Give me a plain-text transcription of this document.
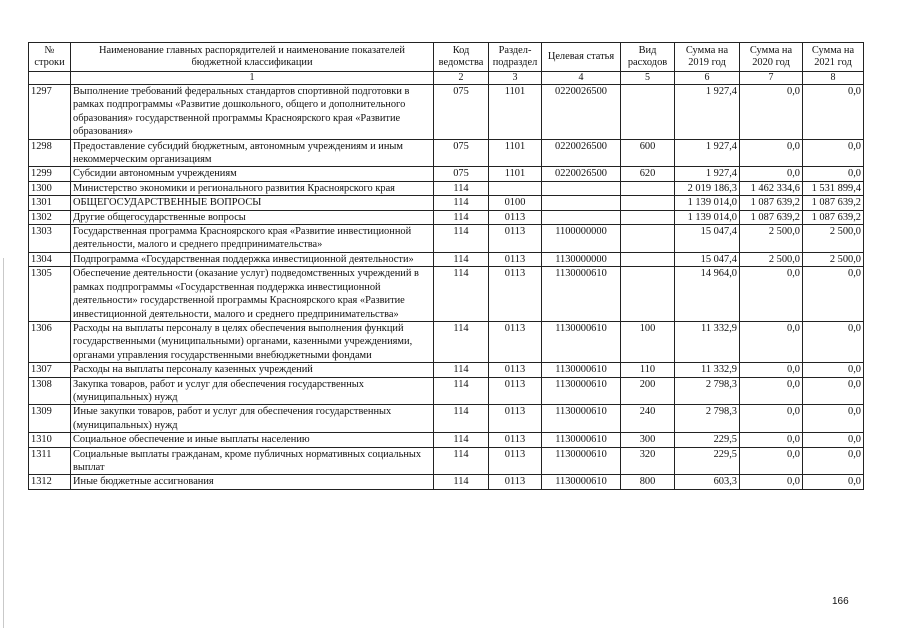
№ строки	Наименование главных распорядителей и наименование показателей бюджетной классификации	Код ведомства	Раздел-подраздел	Целевая статья	Вид расходов	Сумма на 2019 год	Сумма на 2020 год	Сумма на 2021 год
	1	2	3	4	5	6	7	8
1297	Выполнение требований федеральных стандартов спортивной подготовки в рамках подпрограммы «Развитие дошкольного, общего и дополнительного образования» государственной программы Красноярского края «Развитие образования»	075	1101	0220026500		1 927,4	0,0	0,0
1298	Предоставление субсидий бюджетным, автономным учреждениям и иным некоммерческим организациям	075	1101	0220026500	600	1 927,4	0,0	0,0
1299	Субсидии автономным учреждениям	075	1101	0220026500	620	1 927,4	0,0	0,0
1300	Министерство экономики и регионального развития Красноярского края	114				2 019 186,3	1 462 334,6	1 531 899,4
1301	ОБЩЕГОСУДАРСТВЕННЫЕ ВОПРОСЫ	114	0100			1 139 014,0	1 087 639,2	1 087 639,2
1302	Другие общегосударственные вопросы	114	0113			1 139 014,0	1 087 639,2	1 087 639,2
1303	Государственная программа Красноярского края «Развитие инвестиционной деятельности, малого и среднего предпринимательства»	114	0113	1100000000		15 047,4	2 500,0	2 500,0
1304	Подпрограмма «Государственная поддержка инвестиционной деятельности»	114	0113	1130000000		15 047,4	2 500,0	2 500,0
1305	Обеспечение деятельности (оказание услуг) подведомственных учреждений в рамках подпрограммы «Государственная поддержка инвестиционной деятельности» государственной программы Красноярского края «Развитие инвестиционной деятельности, малого и среднего предпринимательства»	114	0113	1130000610		14 964,0	0,0	0,0
1306	Расходы на выплаты персоналу в целях обеспечения выполнения функций государственными (муниципальными) органами, казенными учреждениями, органами управления государственными внебюджетными фондами	114	0113	1130000610	100	11 332,9	0,0	0,0
1307	Расходы на выплаты персоналу казенных учреждений	114	0113	1130000610	110	11 332,9	0,0	0,0
1308	Закупка товаров, работ и услуг для обеспечения государственных (муниципальных) нужд	114	0113	1130000610	200	2 798,3	0,0	0,0
1309	Иные закупки товаров, работ и услуг для обеспечения государственных (муниципальных) нужд	114	0113	1130000610	240	2 798,3	0,0	0,0
1310	Социальное обеспечение и иные выплаты населению	114	0113	1130000610	300	229,5	0,0	0,0
1311	Социальные выплаты гражданам, кроме публичных нормативных социальных выплат	114	0113	1130000610	320	229,5	0,0	0,0
1312	Иные бюджетные ассигнования	114	0113	1130000610	800	603,3	0,0	0,0
166
